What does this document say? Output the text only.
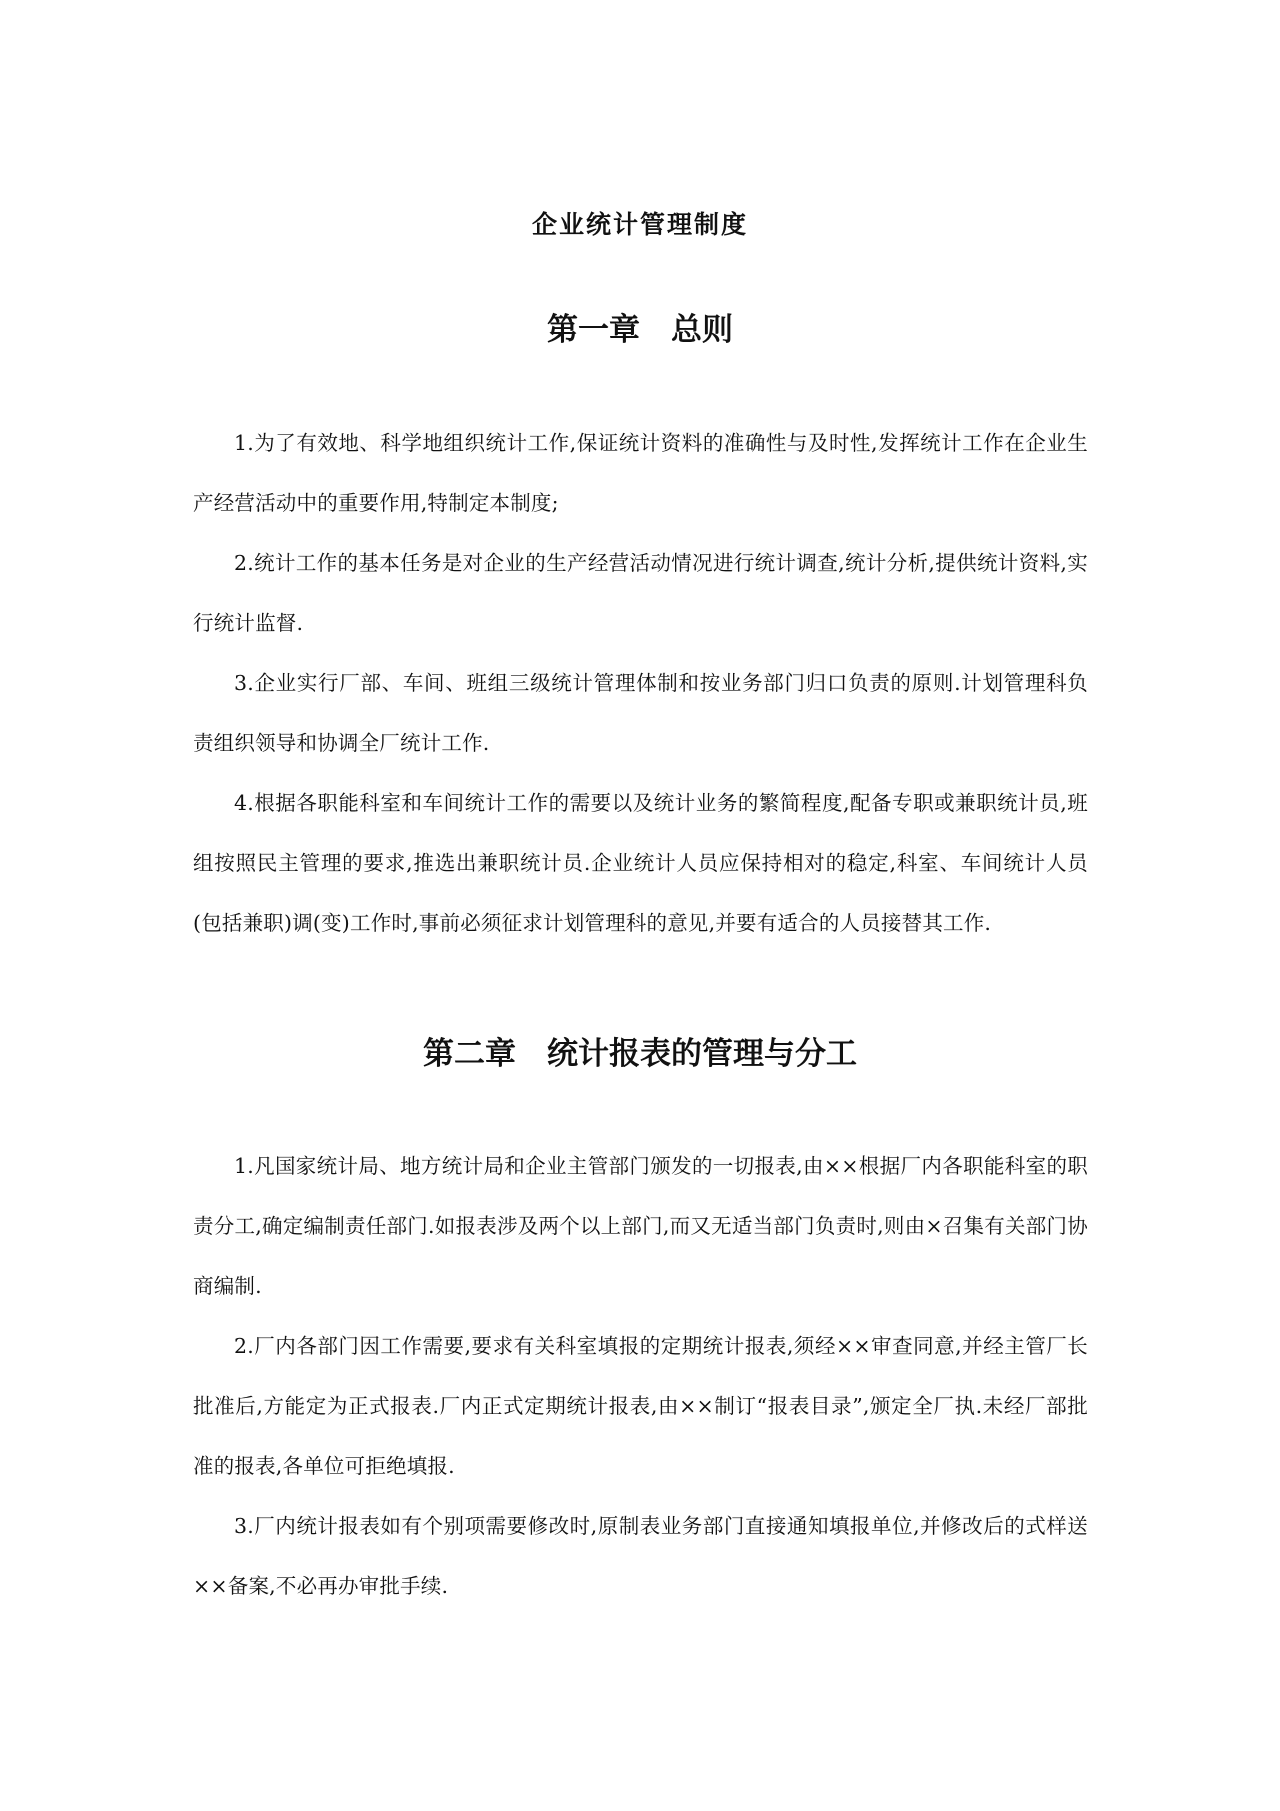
企业统计管理制度
第一章　总则

1.为了有效地、科学地组织统计工作,保证统计资料的准确性与及时性,发挥统计工作在企业生产经营活动中的重要作用,特制定本制度;

2.统计工作的基本任务是对企业的生产经营活动情况进行统计调查,统计分析,提供统计资料,实行统计监督.

3.企业实行厂部、车间、班组三级统计管理体制和按业务部门归口负责的原则.计划管理科负责组织领导和协调全厂统计工作.

4.根据各职能科室和车间统计工作的需要以及统计业务的繁简程度,配备专职或兼职统计员,班组按照民主管理的要求,推选出兼职统计员.企业统计人员应保持相对的稳定,科室、车间统计人员(包括兼职)调(变)工作时,事前必须征求计划管理科的意见,并要有适合的人员接替其工作.

第二章　统计报表的管理与分工

1.凡国家统计局、地方统计局和企业主管部门颁发的一切报表,由××根据厂内各职能科室的职责分工,确定编制责任部门.如报表涉及两个以上部门,而又无适当部门负责时,则由×召集有关部门协商编制.

2.厂内各部门因工作需要,要求有关科室填报的定期统计报表,须经××审查同意,并经主管厂长批准后,方能定为正式报表.厂内正式定期统计报表,由××制订“报表目录”,颁定全厂执.未经厂部批准的报表,各单位可拒绝填报.

3.厂内统计报表如有个别项需要修改时,原制表业务部门直接通知填报单位,并修改后的式样送××备案,不必再办审批手续.
